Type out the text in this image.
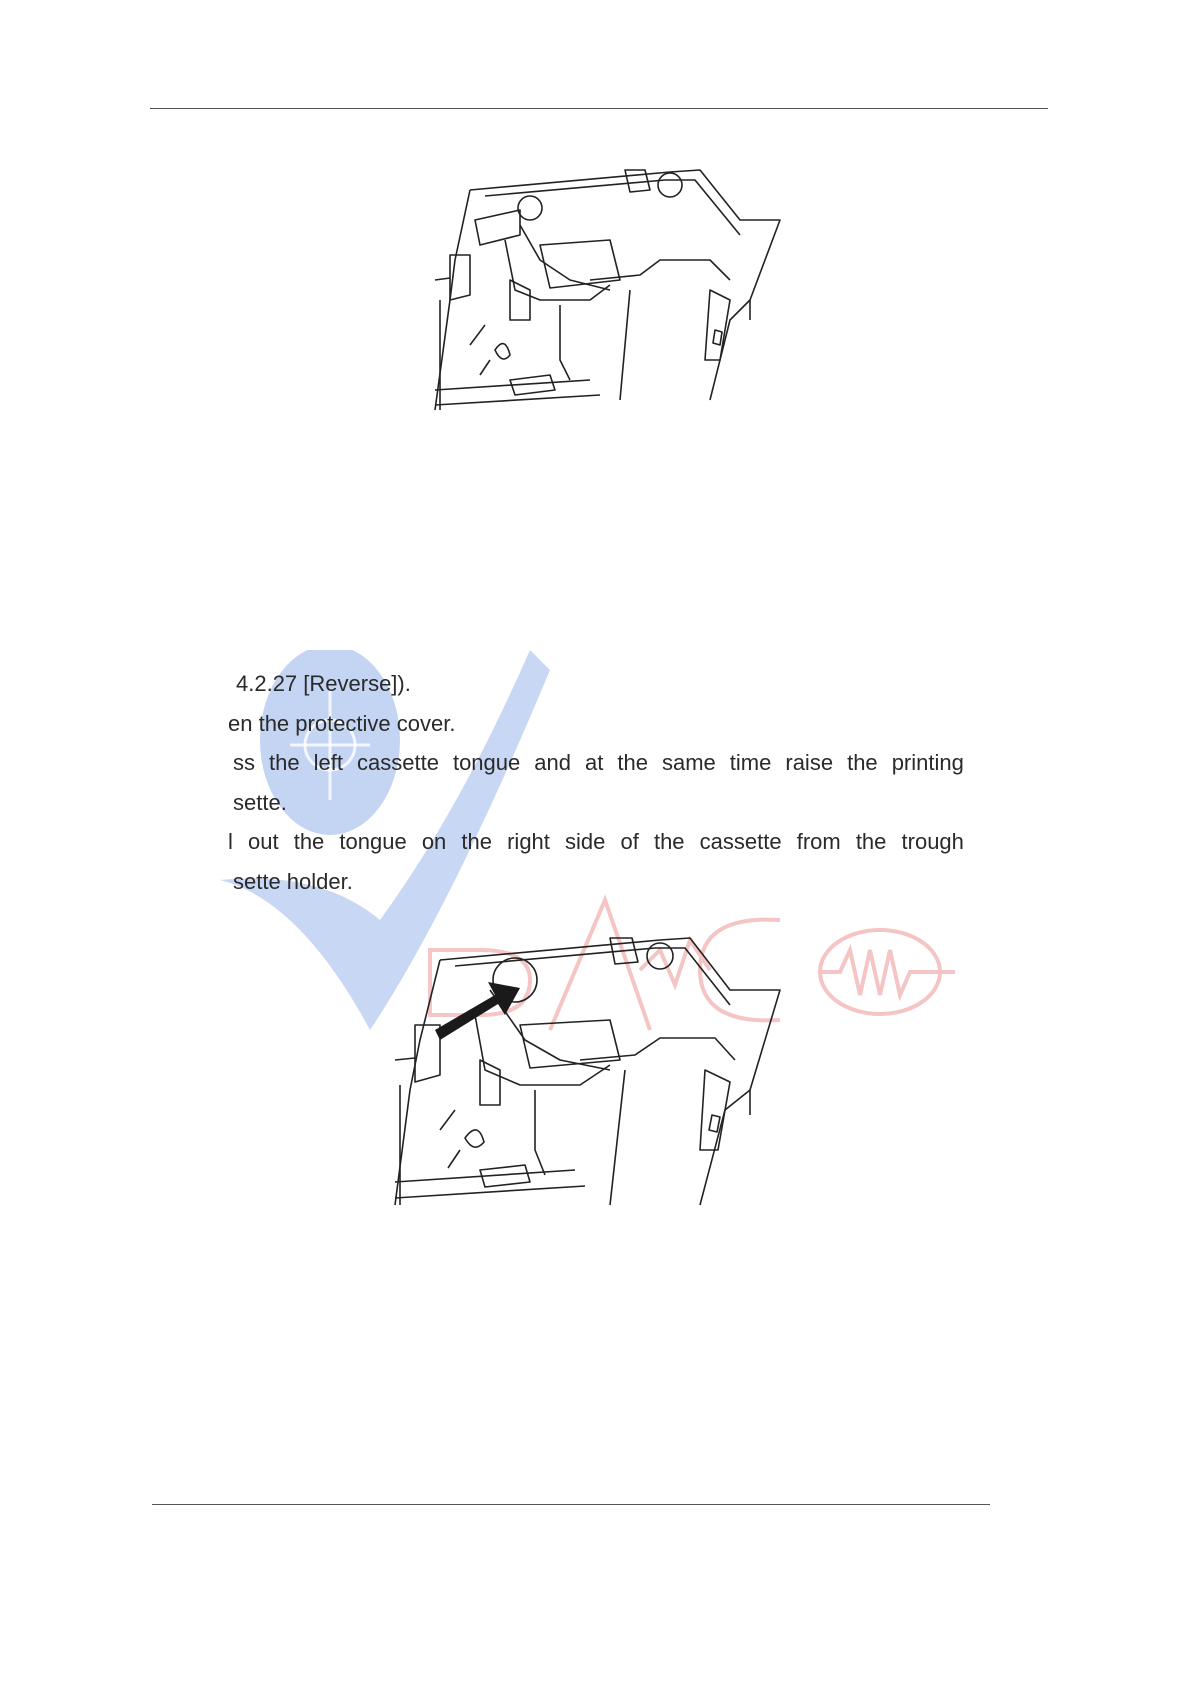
4.2.27 [Reverse]).
en the protective cover.
ss the left cassette tongue and at the same time raise the printing
sette.
l out the tongue on the right side of the cassette from the trough
sette holder.
